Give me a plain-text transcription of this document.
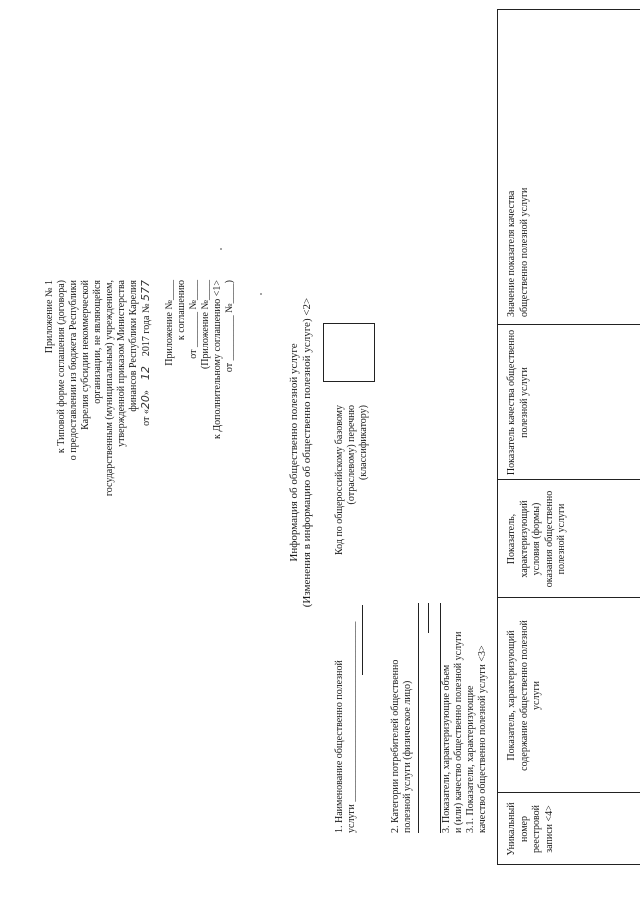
Приложение № 1 к Типовой форме соглашения (договора) о предоставлении из бюджета Республики Карелия субсидии некоммерческой организации, не являющейся государственным (муниципальным) учреждением, утвержденной приказом Министерства финансов Республики Карелия
от «20»    12    2017 года № 577 Приложение №____ к соглашению от _______ №____ (Приложение №____ к Дополнительному соглашению <1> от _________ №____)
Информация об общественно полезной услуге (Изменения в информацию об общественно полезной услуге) <2>
1. Наименование общественно полезной услуги ____________________________________
Код по общероссийскому базовому (отраслевому) перечню (классификатору)
2. Категории потребителей общественно полезной услуги (физическое лицо)	3. Показатели, характеризующие объем и (или) качество общественно полезной услуги 3.1. Показатели, характеризующие качество общественно полезной услуги <3> Уникальный номер реестровой записи <4>
Показатель, характеризующий содержание общественно полезной услуги
Показатель, характеризующий условия (формы) оказания общественно полезной услуги
Показатель качества общественно полезной услуги
Значение показателя качества общественно полезной услуги
